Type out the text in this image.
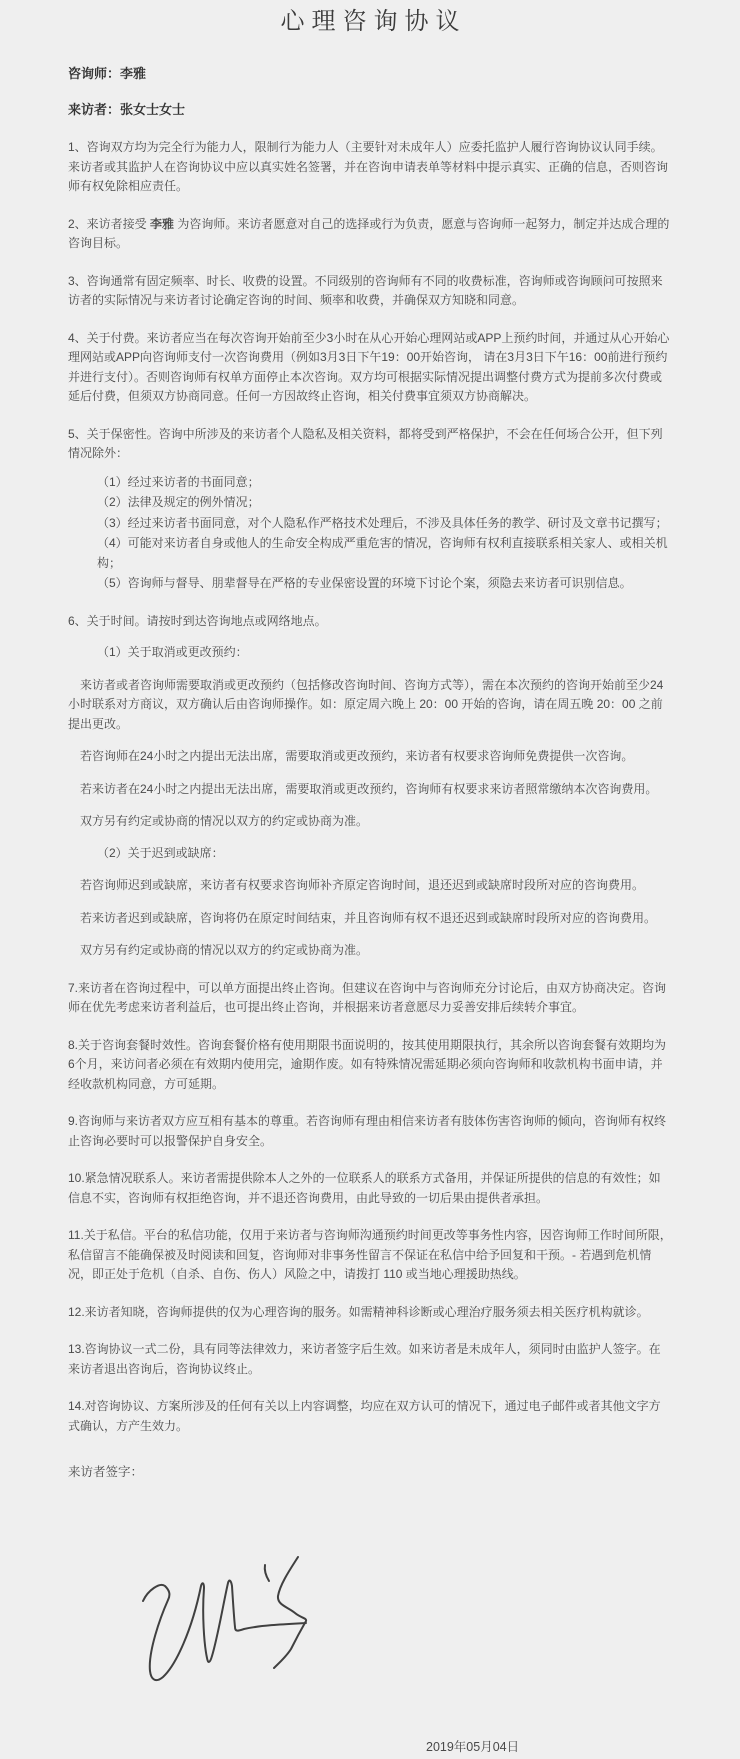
心理咨询协议
咨询师：李雅
来访者：张女士女士

1、咨询双方均为完全行为能力人，限制行为能力人（主要针对未成年人）应委托监护人履行咨询协议认同手续。来访者或其监护人在咨询协议中应以真实姓名签署，并在咨询申请表单等材料中提示真实、正确的信息，否则咨询师有权免除相应责任。

2、来访者接受 李雅 为咨询师。来访者愿意对自己的选择或行为负责，愿意与咨询师一起努力，制定并达成合理的咨询目标。

3、咨询通常有固定频率、时长、收费的设置。不同级别的咨询师有不同的收费标准，咨询师或咨询顾问可按照来访者的实际情况与来访者讨论确定咨询的时间、频率和收费，并确保双方知晓和同意。

4、关于付费。来访者应当在每次咨询开始前至少3小时在从心开始心理网站或APP上预约时间，并通过从心开始心理网站或APP向咨询师支付一次咨询费用（例如3月3日下午19：00开始咨询， 请在3月3日下午16：00前进行预约并进行支付）。否则咨询师有权单方面停止本次咨询。双方均可根据实际情况提出调整付费方式为提前多次付费或延后付费，但须双方协商同意。任何一方因故终止咨询，相关付费事宜须双方协商解决。

5、关于保密性。咨询中所涉及的来访者个人隐私及相关资料，都将受到严格保护，不会在任何场合公开，但下列情况除外：

（1）经过来访者的书面同意；
（2）法律及规定的例外情况；
（3）经过来访者书面同意，对个人隐私作严格技术处理后，不涉及具体任务的教学、研讨及文章书记撰写；
（4）可能对来访者自身或他人的生命安全构成严重危害的情况，咨询师有权利直接联系相关家人、或相关机构；
（5）咨询师与督导、朋辈督导在严格的专业保密设置的环境下讨论个案，须隐去来访者可识别信息。

6、关于时间。请按时到达咨询地点或网络地点。

（1）关于取消或更改预约：
来访者或者咨询师需要取消或更改预约（包括修改咨询时间、咨询方式等），需在本次预约的咨询开始前至少24小时联系对方商议，双方确认后由咨询师操作。如：原定周六晚上 20：00 开始的咨询，请在周五晚 20：00 之前提出更改。
若咨询师在24小时之内提出无法出席，需要取消或更改预约，来访者有权要求咨询师免费提供一次咨询。
若来访者在24小时之内提出无法出席，需要取消或更改预约，咨询师有权要求来访者照常缴纳本次咨询费用。
双方另有约定或协商的情况以双方的约定或协商为准。
（2）关于迟到或缺席：
若咨询师迟到或缺席，来访者有权要求咨询师补齐原定咨询时间，退还迟到或缺席时段所对应的咨询费用。
若来访者迟到或缺席，咨询将仍在原定时间结束，并且咨询师有权不退还迟到或缺席时段所对应的咨询费用。
双方另有约定或协商的情况以双方的约定或协商为准。

7.来访者在咨询过程中，可以单方面提出终止咨询。但建议在咨询中与咨询师充分讨论后，由双方协商决定。咨询师在优先考虑来访者利益后，也可提出终止咨询，并根据来访者意愿尽力妥善安排后续转介事宜。

8.关于咨询套餐时效性。咨询套餐价格有使用期限书面说明的，按其使用期限执行，其余所以咨询套餐有效期均为6个月，来访问者必须在有效期内使用完，逾期作废。如有特殊情况需延期必须向咨询师和收款机构书面申请，并经收款机构同意，方可延期。

9.咨询师与来访者双方应互相有基本的尊重。若咨询师有理由相信来访者有肢体伤害咨询师的倾向，咨询师有权终止咨询必要时可以报警保护自身安全。

10.紧急情况联系人。来访者需提供除本人之外的一位联系人的联系方式备用，并保证所提供的信息的有效性；如信息不实，咨询师有权拒绝咨询，并不退还咨询费用，由此导致的一切后果由提供者承担。

11.关于私信。平台的私信功能，仅用于来访者与咨询师沟通预约时间更改等事务性内容，因咨询师工作时间所限，私信留言不能确保被及时阅读和回复，咨询师对非事务性留言不保证在私信中给予回复和干预。- 若遇到危机情况，即正处于危机（自杀、自伤、伤人）风险之中，请拨打 110 或当地心理援助热线。

12.来访者知晓，咨询师提供的仅为心理咨询的服务。如需精神科诊断或心理治疗服务须去相关医疗机构就诊。

13.咨询协议一式二份，具有同等法律效力，来访者签字后生效。如来访者是未成年人，须同时由监护人签字。在来访者退出咨询后，咨询协议终止。

14.对咨询协议、方案所涉及的任何有关以上内容调整，均应在双方认可的情况下，通过电子邮件或者其他文字方式确认，方产生效力。

来访者签字：

2019年05月04日
